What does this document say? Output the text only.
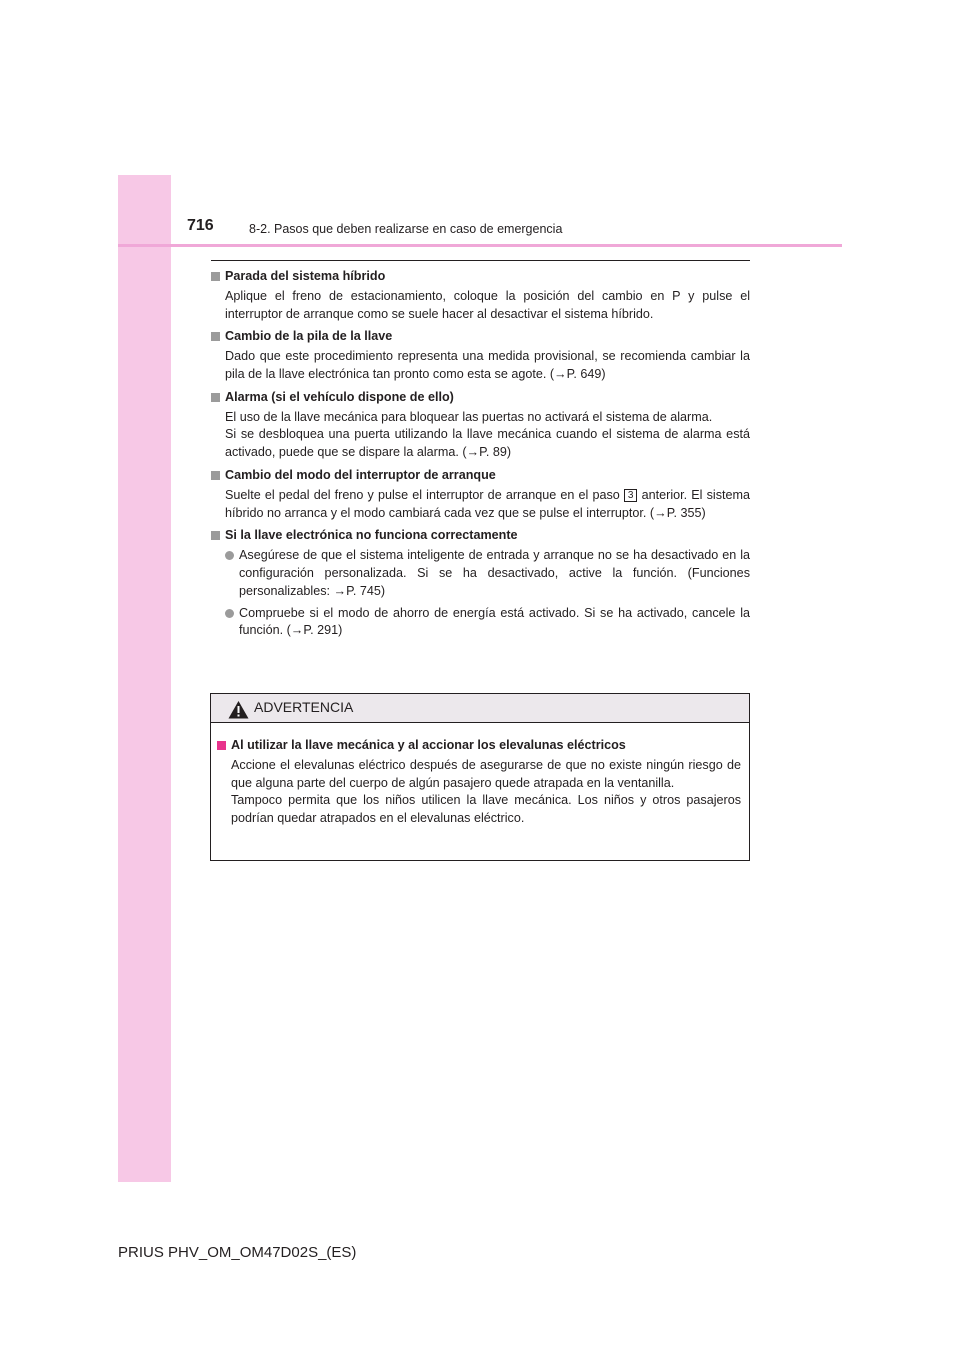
716	8-2. Pasos que deben realizarse en caso de emergencia
Parada del sistema híbrido

Aplique el freno de estacionamiento, coloque la posición del cambio en P y pulse el interruptor de arranque como se suele hacer al desactivar el sistema híbrido.

Cambio de la pila de la llave

Dado que este procedimiento representa una medida provisional, se recomienda cambiar la pila de la llave electrónica tan pronto como esta se agote. (→P. 649)

Alarma (si el vehículo dispone de ello)

El uso de la llave mecánica para bloquear las puertas no activará el sistema de alarma.

Si se desbloquea una puerta utilizando la llave mecánica cuando el sistema de alarma está activado, puede que se dispare la alarma. (→P. 89)

Cambio del modo del interruptor de arranque

Suelte el pedal del freno y pulse el interruptor de arranque en el paso 3 anterior. El sistema híbrido no arranca y el modo cambiará cada vez que se pulse el interruptor. (→P. 355)

Si la llave electrónica no funciona correctamente
Asegúrese de que el sistema inteligente de entrada y arranque no se ha desactivado en la configuración personalizada. Si se ha desactivado, active la función. (Funciones personalizables: →P. 745)
Compruebe si el modo de ahorro de energía está activado. Si se ha activado, cancele la función. (→P. 291)
ADVERTENCIA
Al utilizar la llave mecánica y al accionar los elevalunas eléctricos

Accione el elevalunas eléctrico después de asegurarse de que no existe ningún riesgo de que alguna parte del cuerpo de algún pasajero quede atrapada en la ventanilla.

Tampoco permita que los niños utilicen la llave mecánica. Los niños y otros pasajeros podrían quedar atrapados en el elevalunas eléctrico.

PRIUS PHV_OM_OM47D02S_(ES)
